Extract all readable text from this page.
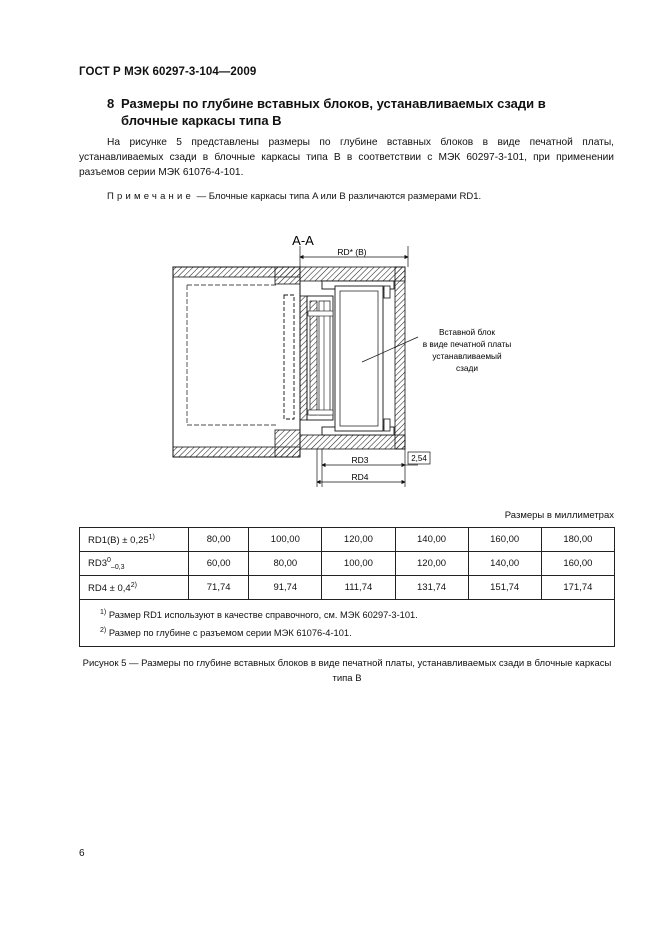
ГОСТ Р МЭК 60297-3-104—2009
8 Размеры по глубине вставных блоков, устанавливаемых сзади в блочные каркасы типа B
На рисунке 5 представлены размеры по глубине вставных блоков в виде печатной платы, устанавливаемых сзади в блочные каркасы типа B в соответствии с МЭК 60297-3-101, при применении разъемов серии МЭК 61076-4-101.
Примечание — Блочные каркасы типа A или B различаются размерами RD1.
A-A
RD* (B)
Вставной блок
в виде печатной платы
устанавливаемый
сзади
RD3	2,54
RD4
Размеры в миллиметрах
$RD1(B) \pm 0,25^{1)}$	80,00	100,00	120,00	140,00	160,00	180,00
$RD3^0_{-0,3}$	60,00	80,00	100,00	120,00	140,00	160,00
$RD4 \pm 0,4^{2)}$	71,74	91,74	111,74	131,74	151,74	171,74

$^{1)}$ Размер RD1 используют в качестве справочного, см. МЭК 60297-3-101.
$^{2)}$ Размер по глубине с разъемом серии МЭК 61076-4-101.						
Рисунок 5 — Размеры по глубине вставных блоков в виде печатной платы, устанавливаемых сзади в блочные каркасы типа B
6
